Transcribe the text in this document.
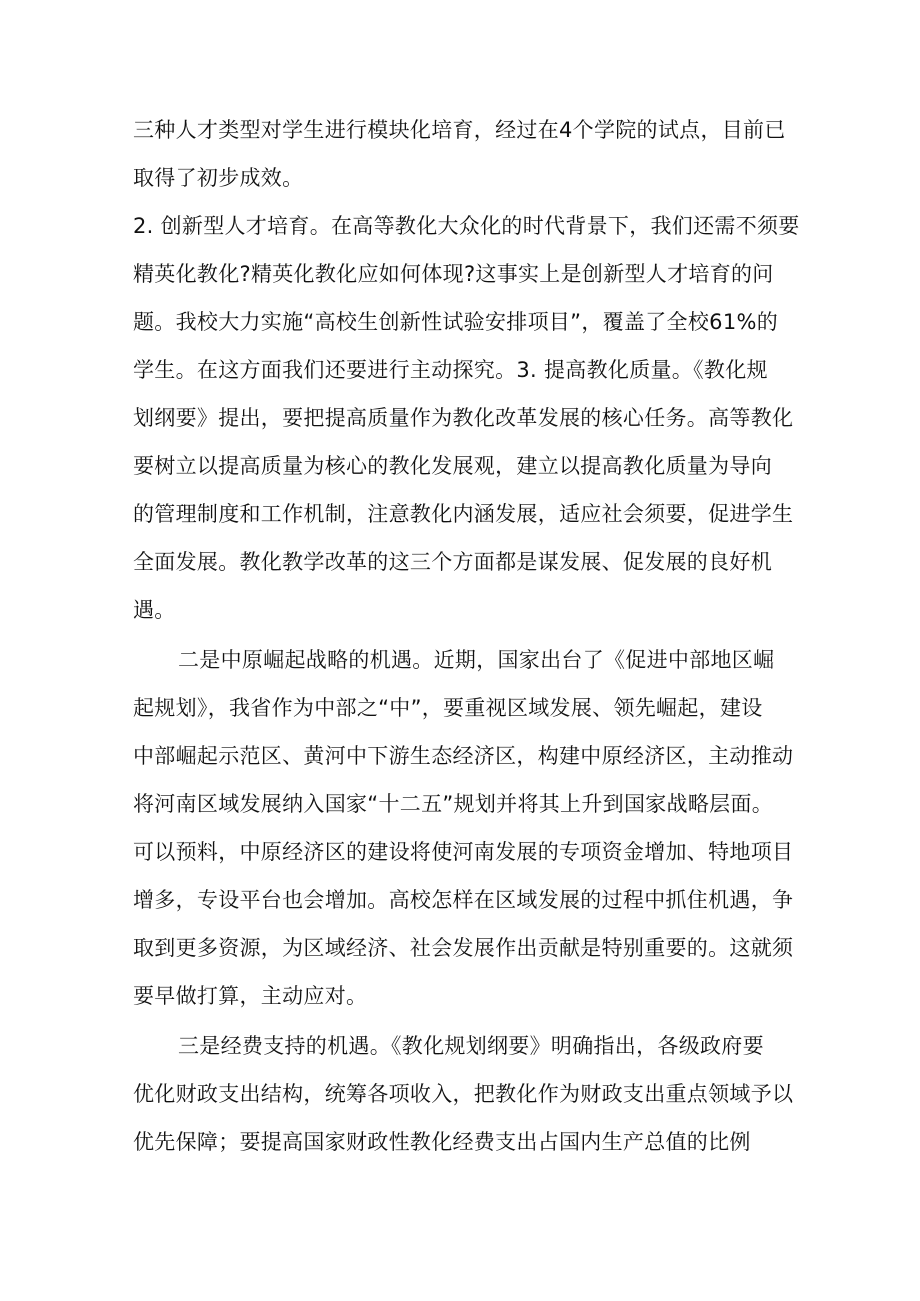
三种人才类型对学生进行模块化培育，经过在4个学院的试点，目前已

取得了初步成效。

2. 创新型人才培育。在高等教化大众化的时代背景下，我们还需不须要

精英化教化?精英化教化应如何体现?这事实上是创新型人才培育的问

题。我校大力实施“高校生创新性试验安排项目”，覆盖了全校61%的

学生。在这方面我们还要进行主动探究。3. 提高教化质量。《教化规

划纲要》提出，要把提高质量作为教化改革发展的核心任务。高等教化

要树立以提高质量为核心的教化发展观，建立以提高教化质量为导向

的管理制度和工作机制，注意教化内涵发展，适应社会须要，促进学生

全面发展。教化教学改革的这三个方面都是谋发展、促发展的良好机

遇。

二是中原崛起战略的机遇。近期，国家出台了《促进中部地区崛

起规划》，我省作为中部之“中”，要重视区域发展、领先崛起，建设

中部崛起示范区、黄河中下游生态经济区，构建中原经济区，主动推动

将河南区域发展纳入国家“十二五”规划并将其上升到国家战略层面。

可以预料，中原经济区的建设将使河南发展的专项资金增加、特地项目

增多，专设平台也会增加。高校怎样在区域发展的过程中抓住机遇，争

取到更多资源，为区域经济、社会发展作出贡献是特别重要的。这就须

要早做打算，主动应对。

三是经费支持的机遇。《教化规划纲要》明确指出，各级政府要

优化财政支出结构，统筹各项收入，把教化作为财政支出重点领域予以

优先保障；要提高国家财政性教化经费支出占国内生产总值的比例
